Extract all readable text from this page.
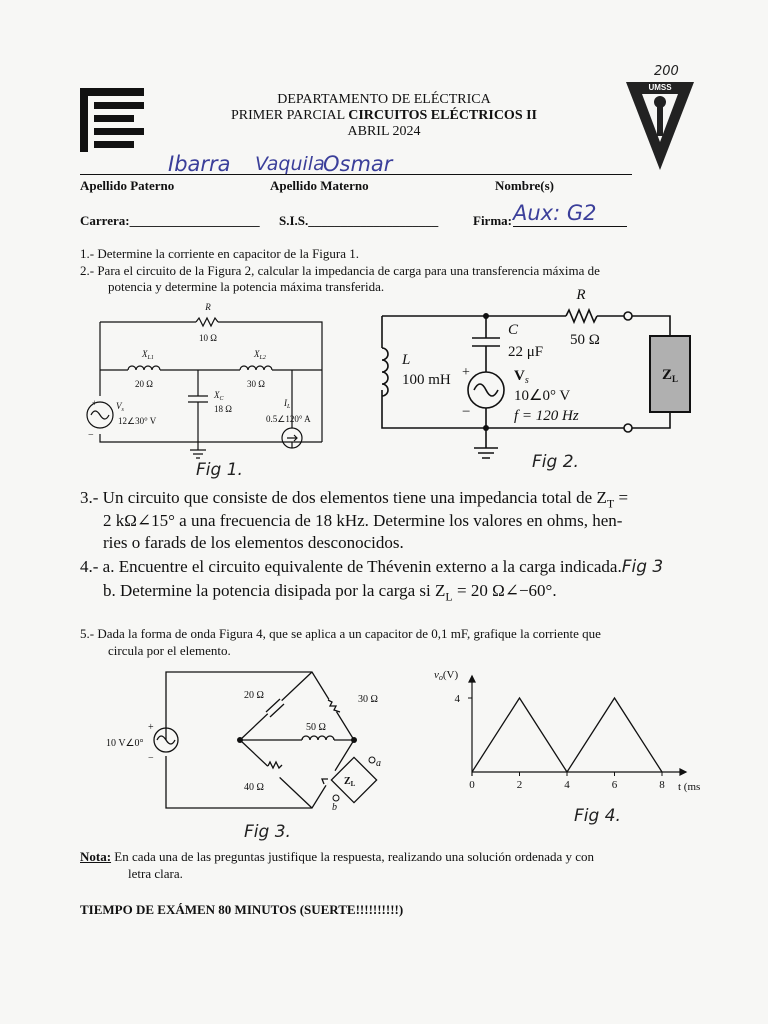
DEPARTAMENTO DE ELÉCTRICA
PRIMER PARCIAL CIRCUITOS ELÉCTRICOS II
ABRIL 2024
200
UMSS
Ibarra Vaquila
Osmar
Apellido Paterno	Apellido Materno	Nombre(s)
Carrera:____________________ S.I.S.____________________	Firma: Aux: G2
1.- Determine la corriente en capacitor de la Figura 1.
2.- Para el circuito de la Figura 2, calcular la impedancia de carga para una transferencia máxima de
potencia y determine la potencia máxima transferida.
R
10 Ω
$X_{L1}$
20 Ω
$X_{L2}$
30 Ω
$X_C$
18 Ω
$V_s$
12∠30° V
+
−
$I_L$
0.5∠120° A
Fig 1.
$Z_L$
R
50 Ω
C
22 μF
L
100 mH	$V_s$
10∠0° V
f = 120 Hz
+
−
Fig 2.
3.- Un circuito que consiste de dos elementos tiene una impedancia total de $Z_T$ =
2 kΩ∠15° a una frecuencia de 18 kHz. Determine los valores en ohms, hen-
ries o farads de los elementos desconocidos.
4.- a. Encuentre el circuito equivalente de Thévenin externo a la carga indicada.Fig 3
b. Determine la potencia disipada por la carga si $Z_L = 20$ Ω∠−60°.
5.- Dada la forma de onda Figura 4, que se aplica a un capacitor de 0,1 mF, grafique la corriente que
circula por el elemento.
20 Ω	30 Ω
50 Ω
40 Ω
10 V∠0°
+
−
$Z_L$
a
b
Fig 3.
0	2	4	6	8
4
vo(V)
t (ms
Fig 4.
Nota: En cada una de las preguntas justifique la respuesta, realizando una solución ordenada y con
letra clara.
TIEMPO DE EXÁMEN 80 MINUTOS (SUERTE!!!!!!!!!!)
